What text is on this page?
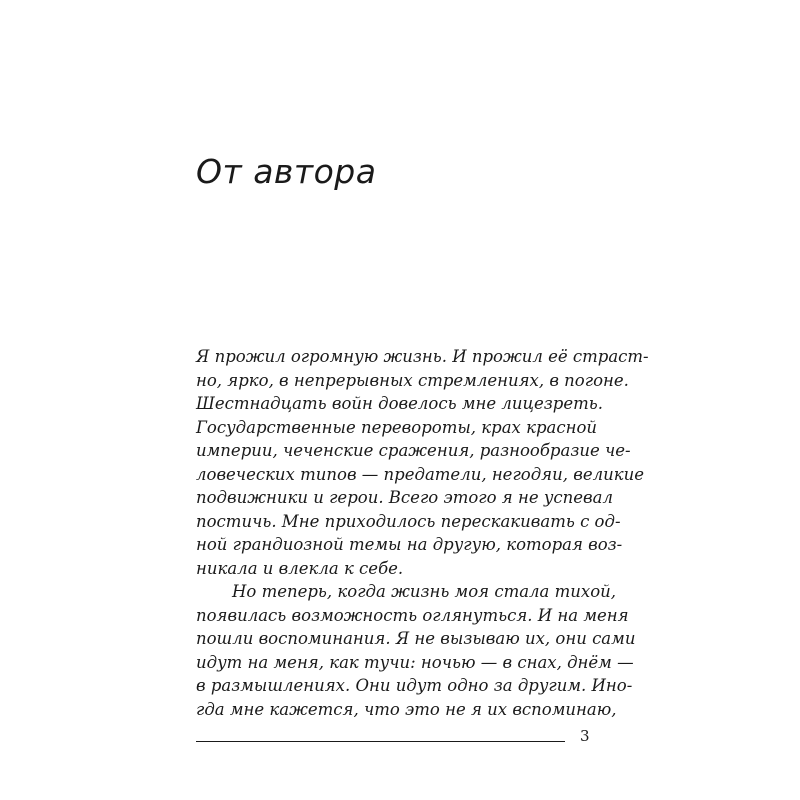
От автора
Я прожил огромную жизнь. И прожил её страст-
но, ярко, в непрерывных стремлениях, в погоне.
Шестнадцать войн довелось мне лицезреть.
Государственные перевороты, крах красной
империи, чеченские сражения, разнообразие че-
ловеческих типов — предатели, негодяи, великие
подвижники и герои. Всего этого я не успевал
постичь. Мне приходилось перескакивать с од-
ной грандиозной темы на другую, которая воз-
никала и влекла к себе.
Но теперь, когда жизнь моя стала тихой,
появилась возможность оглянуться. И на меня
пошли воспоминания. Я не вызываю их, они сами
идут на меня, как тучи: ночью — в снах, днём —
в размышлениях. Они идут одно за другим. Ино-
гда мне кажется, что это не я их вспоминаю,
3
